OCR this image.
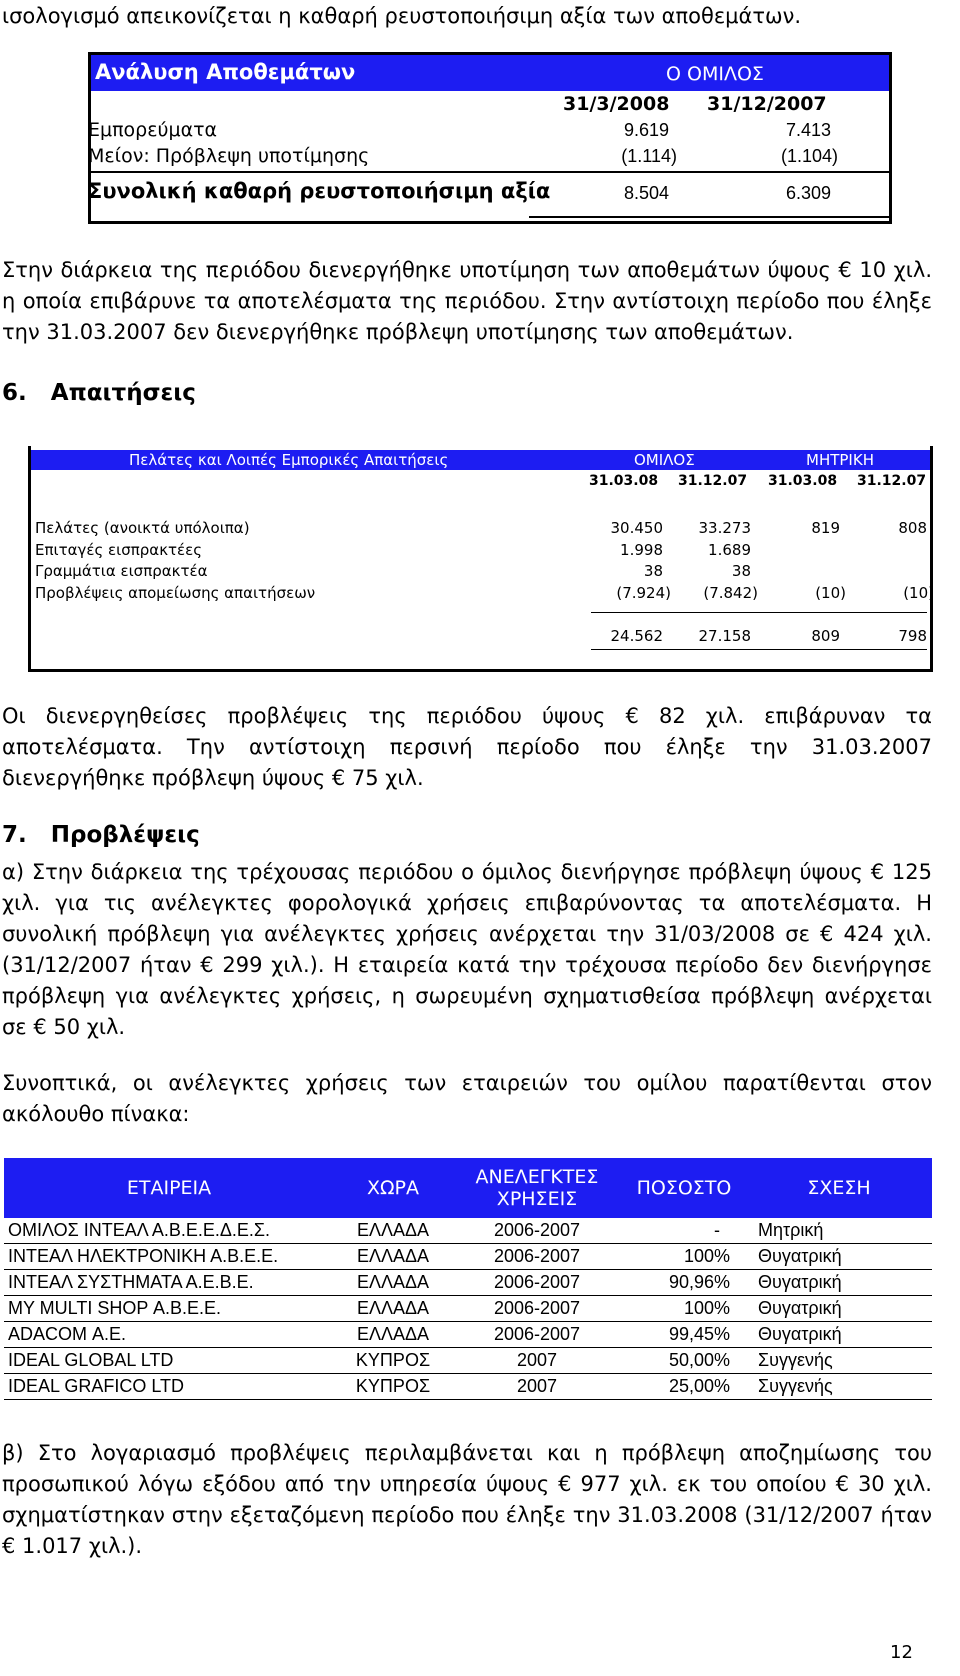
ισολογισμό απεικονίζεται η καθαρή ρευστοποιήσιμη αξία των αποθεμάτων.
Ανάλυση Αποθεμάτων	Ο ΟΜΙΛΟΣ
31/3/2008 31/12/2007
Εμπορεύματα	9.619	7.413
Μείον: Πρόβλεψη υποτίμησης	(1.114)	(1.104)
Συνολική καθαρή ρευστοποιήσιμη αξία	8.504	6.309
Στην διάρκεια της περιόδου διενεργήθηκε υποτίμηση των αποθεμάτων ύψους € 10 χιλ. η οποία επιβάρυνε τα αποτελέσματα της περιόδου. Στην αντίστοιχη περίοδο που έληξε την 31.03.2007 δεν διενεργήθηκε πρόβλεψη υποτίμησης των αποθεμάτων.
6. Απαιτήσεις
Πελάτες και Λοιπές Εμπορικές Απαιτήσεις	ΟΜΙΛΟΣ	ΜΗΤΡΙΚΗ
31.03.08 31.12.07 31.03.08 31.12.07
Πελάτες (ανοικτά υπόλοιπα)	30.450	33.273	819	808
Επιταγές εισπρακτέες	1.998	1.689
Γραμμάτια εισπρακτέα	38	38
Προβλέψεις απομείωσης απαιτήσεων	(7.924)	(7.842)	(10)	(10)
24.562	27.158	809	798
Οι διενεργηθείσες προβλέψεις της περιόδου ύψους € 82 χιλ. επιβάρυναν τα αποτελέσματα. Την αντίστοιχη περσινή περίοδο που έληξε την 31.03.2007 διενεργήθηκε πρόβλεψη ύψους € 75 χιλ.
7. Προβλέψεις
α) Στην διάρκεια της τρέχουσας περιόδου ο όμιλος διενήργησε πρόβλεψη ύψους € 125 χιλ. για τις ανέλεγκτες φορολογικά χρήσεις επιβαρύνοντας τα αποτελέσματα. Η συνολική πρόβλεψη για ανέλεγκτες χρήσεις ανέρχεται την 31/03/2008 σε € 424 χιλ. (31/12/2007 ήταν € 299 χιλ.). Η εταιρεία κατά την τρέχουσα περίοδο δεν διενήργησε πρόβλεψη για ανέλεγκτες χρήσεις, η σωρευμένη σχηματισθείσα πρόβλεψη ανέρχεται σε € 50 χιλ.
Συνοπτικά, οι ανέλεγκτες χρήσεις των εταιρειών του ομίλου παρατίθενται στον ακόλουθο πίνακα:
ΕΤΑΙΡΕΙΑ	ΧΩΡΑ	ΑΝΕΛΕΓΚΤΕΣ ΧΡΗΣΕΙΣ	ΠΟΣΟΣΤΟ	ΣΧΕΣΗ
ΟΜΙΛΟΣ ΙΝΤΕΑΛ Α.Β.Ε.Ε.Δ.Ε.Σ.	ΕΛΛΑΔΑ	2006-2007	-	Μητρική
ΙΝΤΕΑΛ ΗΛΕΚΤΡΟΝΙΚΗ Α.Β.Ε.Ε.	ΕΛΛΑΔΑ	2006-2007	100%	Θυγατρική
ΙΝΤΕΑΛ ΣΥΣΤΗΜΑΤΑ Α.Ε.Β.Ε.	ΕΛΛΑΔΑ	2006-2007	90,96%	Θυγατρική
MY MULTI SHOP Α.Β.Ε.Ε.	ΕΛΛΑΔΑ	2006-2007	100%	Θυγατρική
ADACOM Α.Ε.	ΕΛΛΑΔΑ	2006-2007	99,45%	Θυγατρική
IDEAL GLOBAL LTD	ΚΥΠΡΟΣ	2007	50,00%	Συγγενής
IDEAL GRAFICO LTD	ΚΥΠΡΟΣ	2007	25,00%	Συγγενής
β) Στο λογαριασμό προβλέψεις περιλαμβάνεται και η πρόβλεψη αποζημίωσης του προσωπικού λόγω εξόδου από την υπηρεσία ύψους € 977 χιλ. εκ του οποίου € 30 χιλ. σχηματίστηκαν στην εξεταζόμενη περίοδο που έληξε την 31.03.2008 (31/12/2007 ήταν € 1.017 χιλ.).
12
